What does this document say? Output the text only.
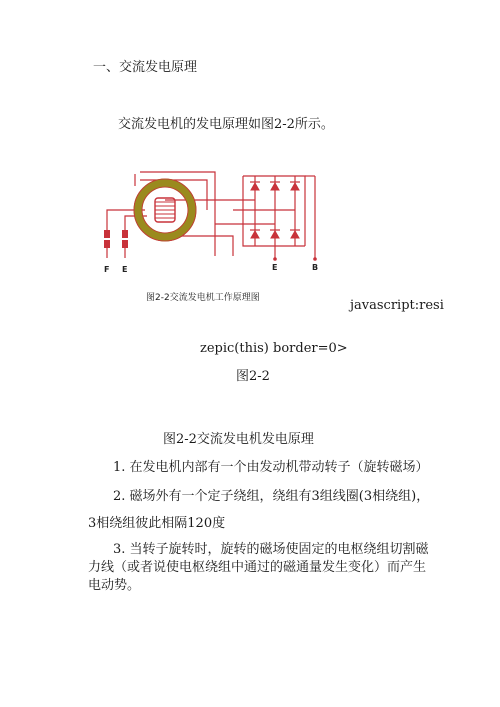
一、交流发电原理
交流发电机的发电原理如图2-2所示。
F E	E	B
图2-2交流发电机工作原理图	javascript:resi
zepic(this) border=0>
图2-2
图2-2交流发电机发电原理
1. 在发电机内部有一个由发动机带动转子（旋转磁场）
2. 磁场外有一个定子绕组，绕组有3组线圈(3相绕组)，
3相绕组彼此相隔120度
3. 当转子旋转时，旋转的磁场使固定的电枢绕组切割磁
力线（或者说使电枢绕组中通过的磁通量发生变化）而产生
电动势。
